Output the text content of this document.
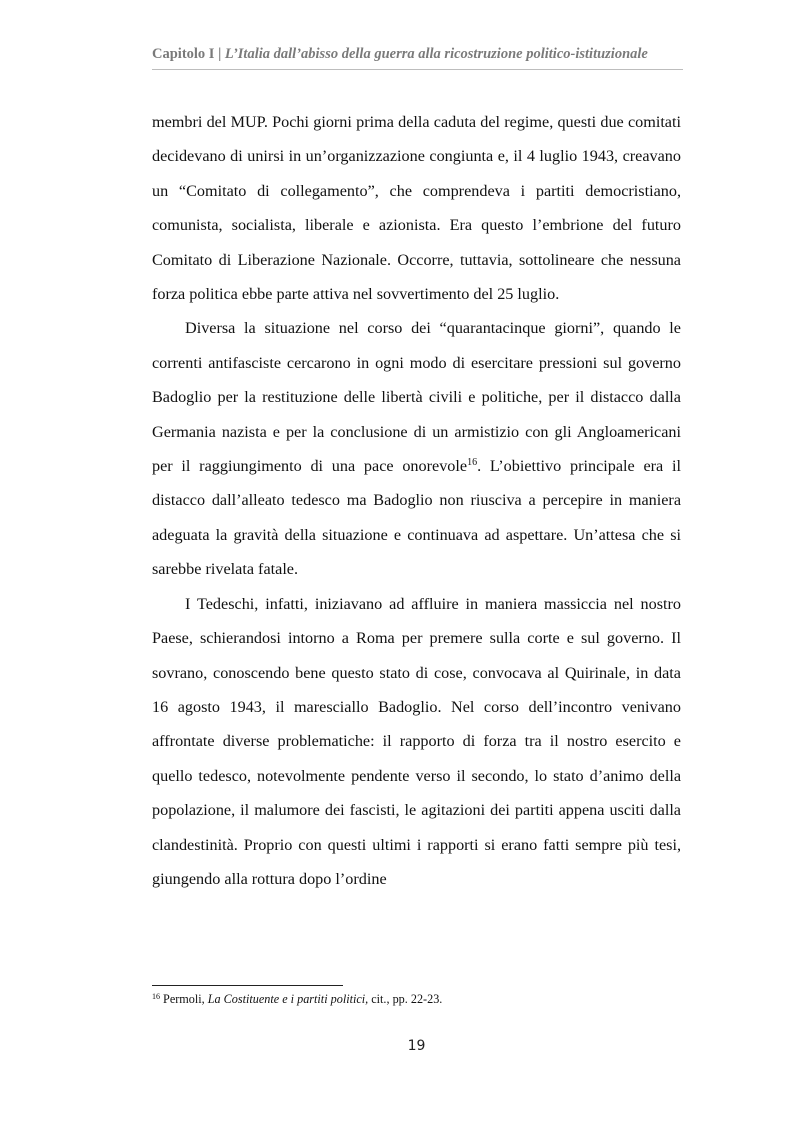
Capitolo I | L’Italia dall’abisso della guerra alla ricostruzione politico-istituzionale

membri del MUP. Pochi giorni prima della caduta del regime, questi due comitati decidevano di unirsi in un’organizzazione congiunta e, il 4 luglio 1943, creavano un “Comitato di collegamento”, che comprendeva i partiti democristiano, comunista, socialista, liberale e azionista. Era questo l’embrione del futuro Comitato di Liberazione Nazionale. Occorre, tuttavia, sottolineare che nessuna forza politica ebbe parte attiva nel sovvertimento del 25 luglio.

Diversa la situazione nel corso dei “quarantacinque giorni”, quando le correnti antifasciste cercarono in ogni modo di esercitare pressioni sul governo Badoglio per la restituzione delle libertà civili e politiche, per il distacco dalla Germania nazista e per la conclusione di un armistizio con gli Angloamericani per il raggiungimento di una pace onorevole$^{16}$. L’obiettivo principale era il distacco dall’alleato tedesco ma Badoglio non riusciva a percepire in maniera adeguata la gravità della situazione e continuava ad aspettare. Un’attesa che si sarebbe rivelata fatale.

I Tedeschi, infatti, iniziavano ad affluire in maniera massiccia nel nostro Paese, schierandosi intorno a Roma per premere sulla corte e sul governo. Il sovrano, conoscendo bene questo stato di cose, convocava al Quirinale, in data 16 agosto 1943, il maresciallo Badoglio. Nel corso dell’incontro venivano affrontate diverse problematiche: il rapporto di forza tra il nostro esercito e quello tedesco, notevolmente pendente verso il secondo, lo stato d’animo della popolazione, il malumore dei fascisti, le agitazioni dei partiti appena usciti dalla clandestinità. Proprio con questi ultimi i rapporti si erano fatti sempre più tesi, giungendo alla rottura dopo l’ordine

$^{16}$ Permoli, La Costituente e i partiti politici, cit., pp. 22-23.
19
